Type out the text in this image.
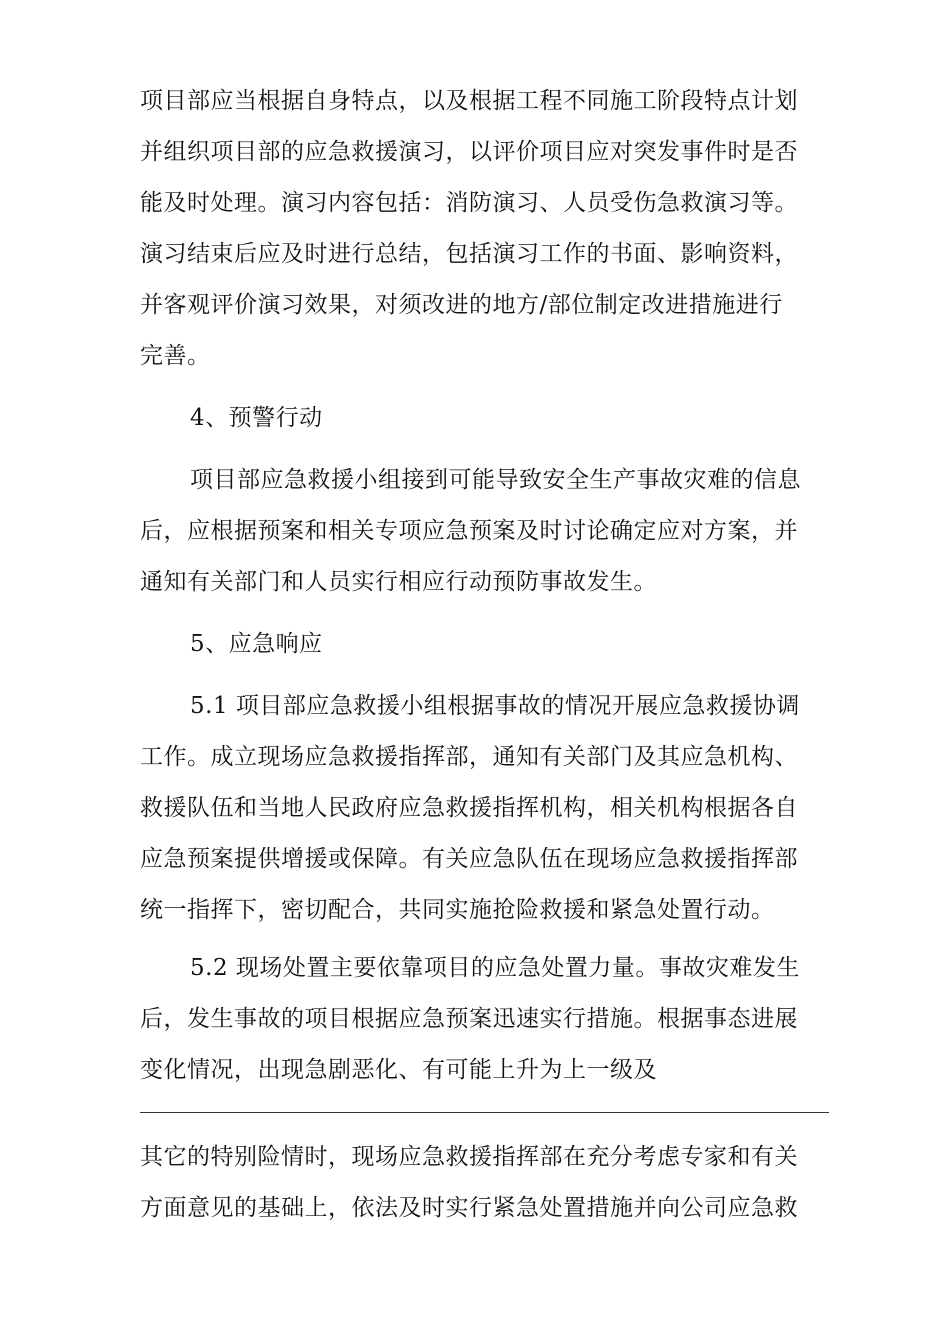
项目部应当根据自身特点，以及根据工程不同施工阶段特点计划
并组织项目部的应急救援演习，以评价项目应对突发事件时是否
能及时处理。演习内容包括：消防演习、人员受伤急救演习等。
演习结束后应及时进行总结，包括演习工作的书面、影响资料，
并客观评价演习效果，对须改进的地方/部位制定改进措施进行
完善。
4、预警行动
项目部应急救援小组接到可能导致安全生产事故灾难的信息
后，应根据预案和相关专项应急预案及时讨论确定应对方案，并
通知有关部门和人员实行相应行动预防事故发生。
5、应急响应
5.1 项目部应急救援小组根据事故的情况开展应急救援协调
工作。成立现场应急救援指挥部，通知有关部门及其应急机构、
救援队伍和当地人民政府应急救援指挥机构，相关机构根据各自
应急预案提供增援或保障。有关应急队伍在现场应急救援指挥部
统一指挥下，密切配合，共同实施抢险救援和紧急处置行动。
5.2 现场处置主要依靠项目的应急处置力量。事故灾难发生
后，发生事故的项目根据应急预案迅速实行措施。根据事态进展
变化情况，出现急剧恶化、有可能上升为上一级及
其它的特别险情时，现场应急救援指挥部在充分考虑专家和有关
方面意见的基础上，依法及时实行紧急处置措施并向公司应急救
